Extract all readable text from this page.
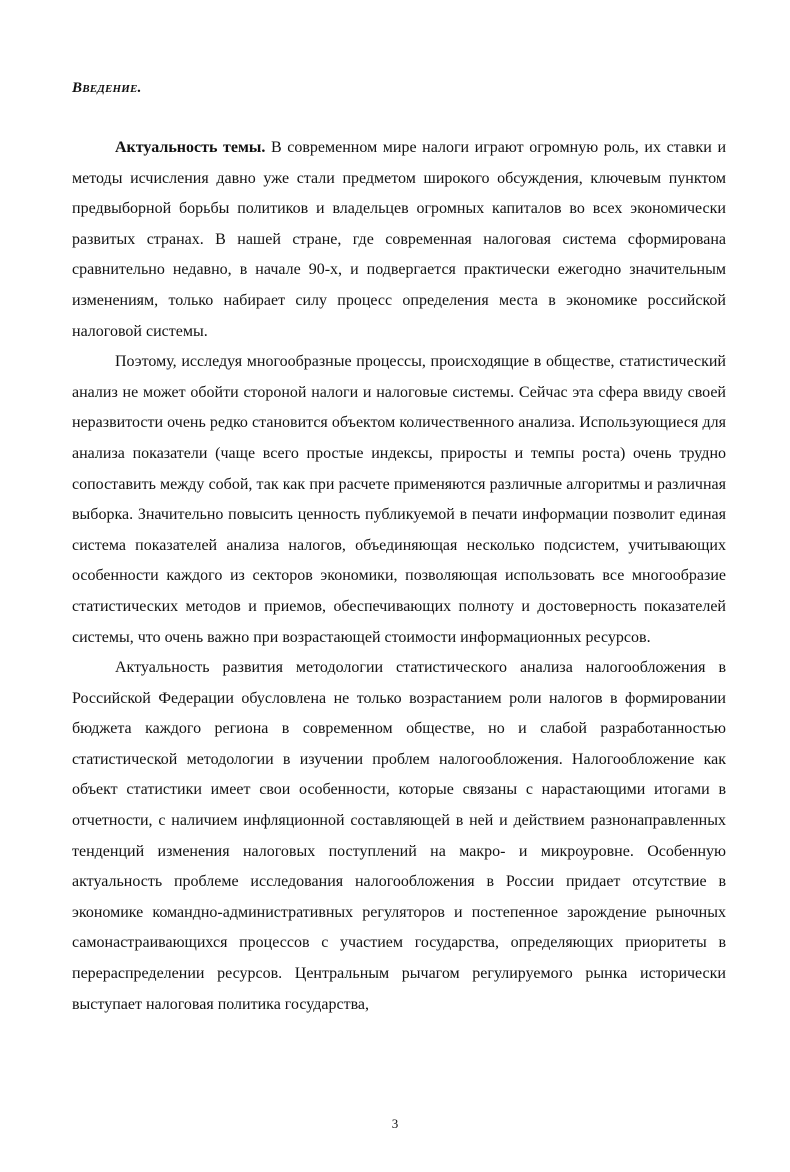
Введение.

Актуальность темы. В современном мире налоги играют огромную роль, их ставки и методы исчисления давно уже стали предметом широкого обсуждения, ключевым пунктом предвыборной борьбы политиков и владельцев огромных капиталов во всех экономически развитых странах. В нашей стране, где современная налоговая система сформирована сравнительно недавно, в начале 90-х, и подвергается практически ежегодно значительным изменениям, только набирает силу процесс определения места в экономике российской налоговой системы.

Поэтому, исследуя многообразные процессы, происходящие в обществе, статистический анализ не может обойти стороной налоги и налоговые системы. Сейчас эта сфера ввиду своей неразвитости очень редко становится объектом количественного анализа. Использующиеся для анализа показатели (чаще всего простые индексы, приросты и темпы роста) очень трудно сопоставить между собой, так как при расчете применяются различные алгоритмы и различная выборка. Значительно повысить ценность публикуемой в печати информации позволит единая система показателей анализа налогов, объединяющая несколько подсистем, учитывающих особенности каждого из секторов экономики, позволяющая использовать все многообразие статистических методов и приемов, обеспечивающих полноту и достоверность показателей системы, что очень важно при возрастающей стоимости информационных ресурсов.

Актуальность развития методологии статистического анализа налогообложения в Российской Федерации обусловлена не только возрастанием роли налогов в формировании бюджета каждого региона в современном обществе, но и слабой разработанностью статистической методологии в изучении проблем налогообложения. Налогообложение как объект статистики имеет свои особенности, которые связаны с нарастающими итогами в отчетности, с наличием инфляционной составляющей в ней и действием разнонаправленных тенденций изменения налоговых поступлений на макро- и микроуровне. Особенную актуальность проблеме исследования налогообложения в России придает отсутствие в экономике командно-административных регуляторов и постепенное зарождение рыночных самонастраивающихся процессов с участием государства, определяющих приоритеты в перераспределении ресурсов. Центральным рычагом регулируемого рынка исторически выступает налоговая политика государства,

3
